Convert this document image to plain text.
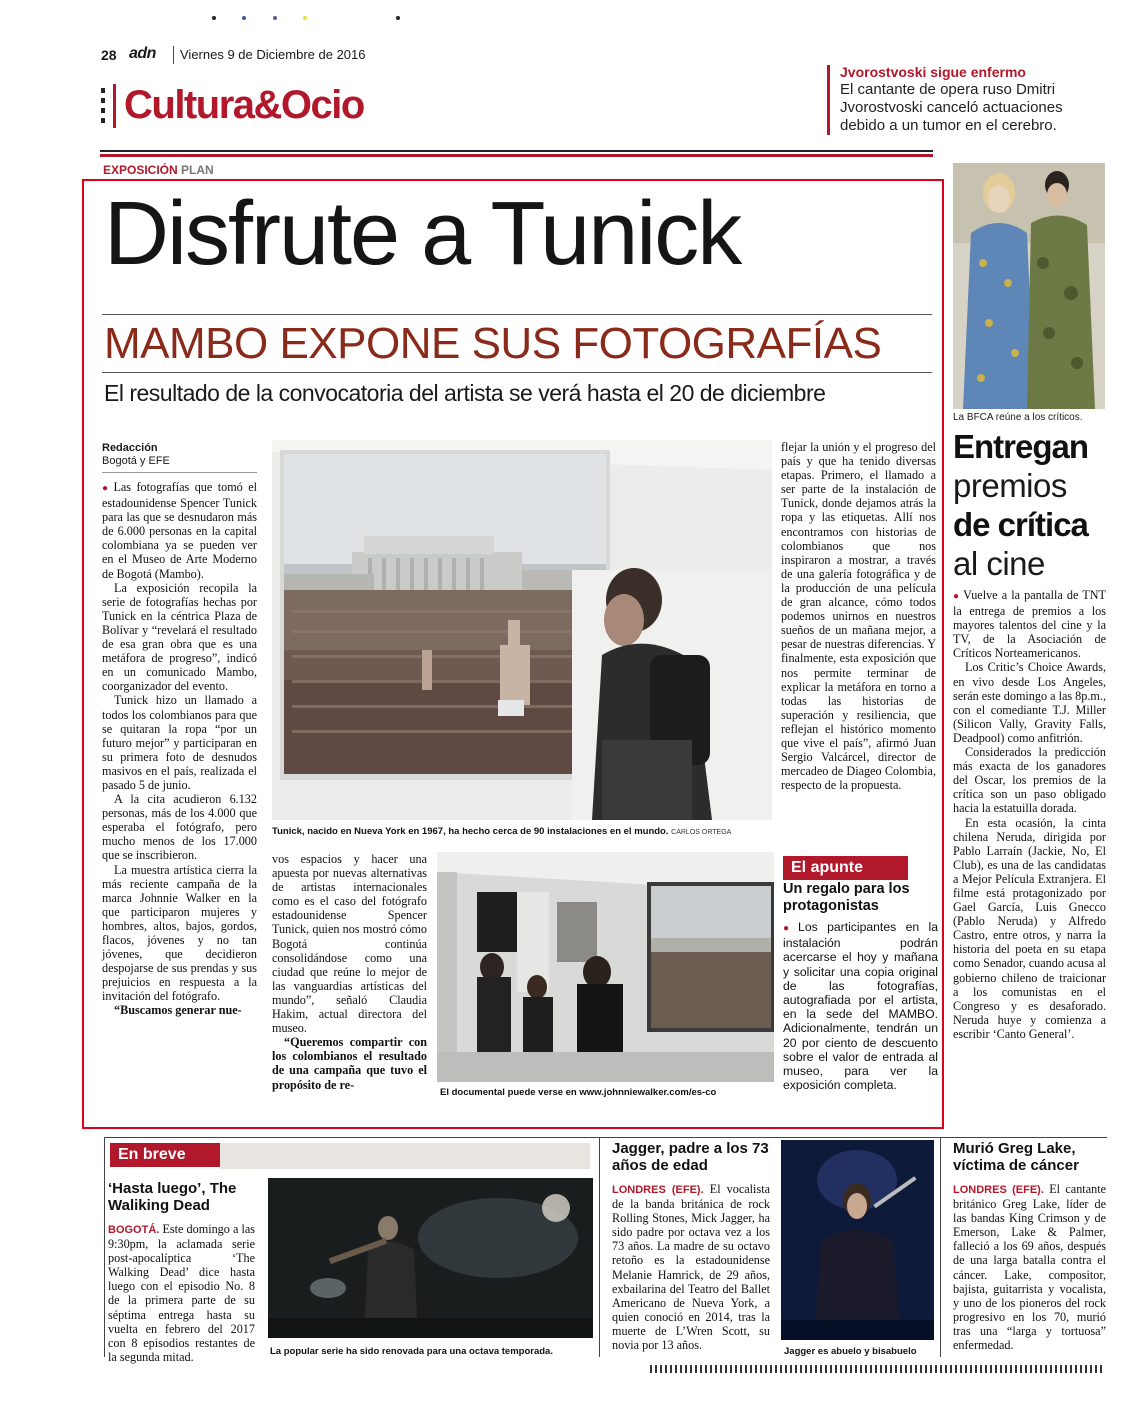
28 adn Viernes 9 de Diciembre de 2016
Cultura&Ocio
Jvorostvoski sigue enfermo
El cantante de opera ruso Dmitri Jvorostvoski canceló actuaciones debido a un tumor en el cerebro.
EXPOSICIÓN PLAN
Disfrute a Tunick
MAMBO EXPONE SUS FOTOGRAFÍAS
El resultado de la convocatoria del artista se verá hasta el 20 de diciembre
Redacción
Bogotá y EFE

● Las fotografías que tomó el estadounidense Spencer Tunick para las que se desnudaron más de 6.000 personas en la capital colombiana ya se pueden ver en el Museo de Arte Moderno de Bogotá (Mambo).

La exposición recopila la serie de fotografías hechas por Tunick en la céntrica Plaza de Bolívar y “revelará el resultado de esa gran obra que es una metáfora de progreso”, indicó en un comunicado Mambo, coorganizador del evento.

Tunick hizo un llamado a todos los colombianos para que se quitaran la ropa “por un futuro mejor” y participaran en su primera foto de desnudos masivos en el país, realizada el pasado 5 de junio.

A la cita acudieron 6.132 personas, más de los 4.000 que esperaba el fotógrafo, pero mucho menos de los 17.000 que se inscribieron.

La muestra artística cierra la más reciente campaña de la marca Johnnie Walker en la que participaron mujeres y hombres, altos, bajos, gordos, flacos, jóvenes y no tan jóvenes, que decidieron despojarse de sus prendas y sus prejuicios en respuesta a la invitación del fotógrafo.

“Buscamos generar nue-

Tunick, nacido en Nueva York en 1967, ha hecho cerca de 90 instalaciones en el mundo. CARLOS ORTEGA

flejar la unión y el progreso del país y que ha tenido diversas etapas. Primero, el llamado a ser parte de la instalación de Tunick, donde dejamos atrás la ropa y las etiquetas. Allí nos encontramos con historias de colombianos que nos inspiraron a mostrar, a través de una galería fotográfica y de la producción de una película de gran alcance, cómo todos podemos unirnos en nuestros sueños de un mañana mejor, a pesar de nuestras diferencias. Y finalmente, esta exposición que nos permite terminar de explicar la metáfora en torno a todas las historias de superación y resiliencia, que reflejan el histórico momento que vive el país”, afirmó Juan Sergio Valcárcel, director de mercadeo de Diageo Colombia, respecto de la propuesta.

vos espacios y hacer una apuesta por nuevas alternativas de artistas internacionales como es el caso del fotógrafo estadounidense Spencer Tunick, quien nos mostró cómo Bogotá continúa consolidándose como una ciudad que reúne lo mejor de las vanguardias artísticas del mundo”, señaló Claudia Hakim, actual directora del museo.

“Queremos compartir con los colombianos el resultado de una campaña que tuvo el propósito de re-

El documental puede verse en www.johnniewalker.com/es-co
El apunte
Un regalo para los protagonistas
● Los participantes en la instalación podrán acercarse el hoy y mañana y solicitar una copia original de las fotografías, autografiada por el artista, en la sede del MAMBO. Adicionalmente, tendrán un 20 por ciento de descuento sobre el valor de entrada al museo, para ver la exposición completa.
La BFCA reúne a los críticos.
Entregan
premios
de crítica
al cine

● Vuelve a la pantalla de TNT la entrega de premios a los mayores talentos del cine y la TV, de la Asociación de Críticos Norteamericanos.

Los Critic’s Choice Awards, en vivo desde Los Angeles, serán este domingo a las 8p.m., con el comediante T.J. Miller (Silicon Vally, Gravity Falls, Deadpool) como anfitrión.

Considerados la predicción más exacta de los ganadores del Oscar, los premios de la crítica son un paso obligado hacia la estatuilla dorada.

En esta ocasión, la cinta chilena Neruda, dirigida por Pablo Larraín (Jackie, No, El Club), es una de las candidatas a Mejor Película Extranjera. El filme está protagonizado por Gael García, Luis Gnecco (Pablo Neruda) y Alfredo Castro, entre otros, y narra la historia del poeta en su etapa como Senador, cuando acusa al gobierno chileno de traicionar a los comunistas en el Congreso y es desaforado. Neruda huye y comienza a escribir ‘Canto General’.

En breve
‘Hasta luego’, The Waliking Dead

BOGOTÁ. Este domingo a las 9:30pm, la aclamada serie post-apocalíptica ‘The Walking Dead’ dice hasta luego con el episodio No. 8 de la primera parte de su séptima entrega hasta su vuelta en febrero del 2017 con 8 episodios restantes de la segunda mitad.	La popular serie ha sido renovada para una octava temporada.
Jagger, padre a los 73 años de edad

LONDRES (EFE). El vocalista de la banda británica de rock Rolling Stones, Mick Jagger, ha sido padre por octava vez a los 73 años. La madre de su octavo retoño es la estadounidense Melanie Hamrick, de 29 años, exbailarina del Teatro del Ballet Americano de Nueva York, a quien conoció en 2014, tras la muerte de L’Wren Scott, su novia por 13 años.	Jagger es abuelo y bisabuelo
Murió Greg Lake, víctima de cáncer

LONDRES (EFE). El cantante británico Greg Lake, líder de las bandas King Crimson y de Emerson, Lake & Palmer, falleció a los 69 años, después de una larga batalla contra el cáncer. Lake, compositor, bajista, guitarrista y vocalista, y uno de los pioneros del rock progresivo en los 70, murió tras una “larga y tortuosa” enfermedad.
